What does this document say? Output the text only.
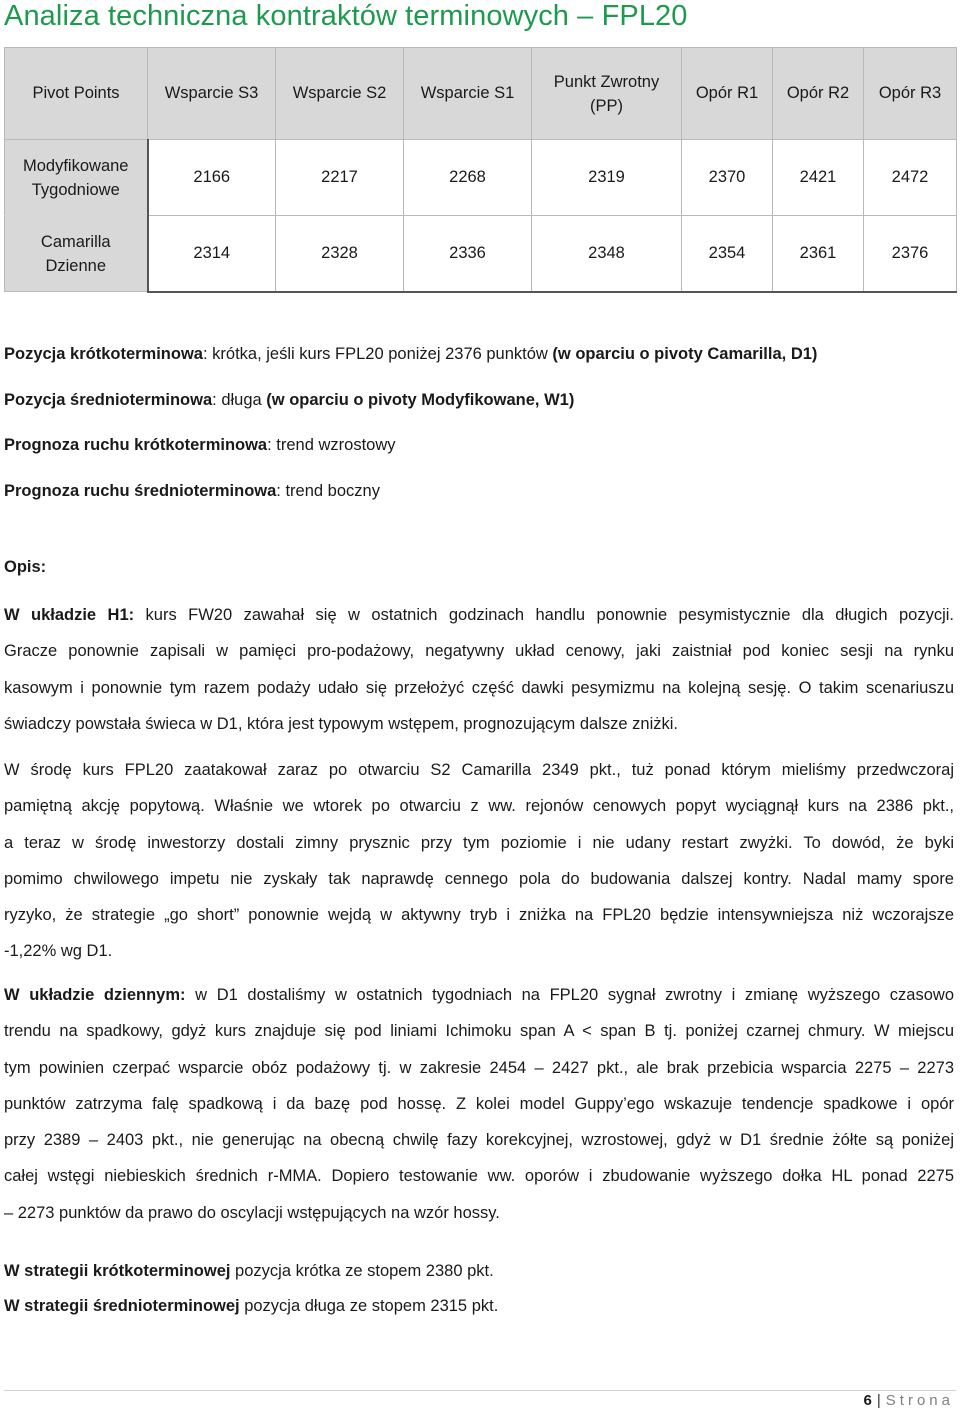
Analiza techniczna kontraktów terminowych – FPL20
Pivot Points	Wsparcie S3	Wsparcie S2	Wsparcie S1	Punkt Zwrotny (PP)	Opór R1	Opór R2	Opór R3
Modyfikowane Tygodniowe	2166	2217	2268	2319	2370	2421	2472
Camarilla Dzienne	2314	2328	2336	2348	2354	2361	2376

Pozycja krótkoterminowa: krótka, jeśli kurs FPL20 poniżej 2376 punktów (w oparciu o pivoty Camarilla, D1)

Pozycja średnioterminowa: długa (w oparciu o pivoty Modyfikowane, W1)

Prognoza ruchu krótkoterminowa: trend wzrostowy

Prognoza ruchu średnioterminowa: trend boczny

Opis:

W układzie H1: kurs FW20 zawahał się w ostatnich godzinach handlu ponownie pesymistycznie dla długich pozycji.
Gracze ponownie zapisali w pamięci pro-podażowy, negatywny układ cenowy, jaki zaistniał pod koniec sesji na rynku
kasowym i ponownie tym razem podaży udało się przełożyć część dawki pesymizmu na kolejną sesję. O takim scenariuszu
świadczy powstała świeca w D1, która jest typowym wstępem, prognozującym dalsze zniżki.
W środę kurs FPL20 zaatakował zaraz po otwarciu S2 Camarilla 2349 pkt., tuż ponad którym mieliśmy przedwczoraj
pamiętną akcję popytową. Właśnie we wtorek po otwarciu z ww. rejonów cenowych popyt wyciągnął kurs na 2386 pkt.,
a teraz w środę inwestorzy dostali zimny prysznic przy tym poziomie i nie udany restart zwyżki. To dowód, że byki
pomimo chwilowego impetu nie zyskały tak naprawdę cennego pola do budowania dalszej kontry. Nadal mamy spore
ryzyko, że strategie „go short” ponownie wejdą w aktywny tryb i zniżka na FPL20 będzie intensywniejsza niż wczorajsze
-1,22% wg D1.
W układzie dziennym: w D1 dostaliśmy w ostatnich tygodniach na FPL20 sygnał zwrotny i zmianę wyższego czasowo
trendu na spadkowy, gdyż kurs znajduje się pod liniami Ichimoku span A < span B tj. poniżej czarnej chmury. W miejscu
tym powinien czerpać wsparcie obóz podażowy tj. w zakresie 2454 – 2427 pkt., ale brak przebicia wsparcia 2275 – 2273
punktów zatrzyma falę spadkową i da bazę pod hossę. Z kolei model Guppy’ego wskazuje tendencje spadkowe i opór
przy 2389 – 2403 pkt., nie generując na obecną chwilę fazy korekcyjnej, wzrostowej, gdyż w D1 średnie żółte są poniżej
całej wstęgi niebieskich średnich r-MMA. Dopiero testowanie ww. oporów i zbudowanie wyższego dołka HL ponad 2275
– 2273 punktów da prawo do oscylacji wstępujących na wzór hossy.

W strategii krótkoterminowej pozycja krótka ze stopem 2380 pkt.

W strategii średnioterminowej pozycja długa ze stopem 2315 pkt.

6 | Strona
